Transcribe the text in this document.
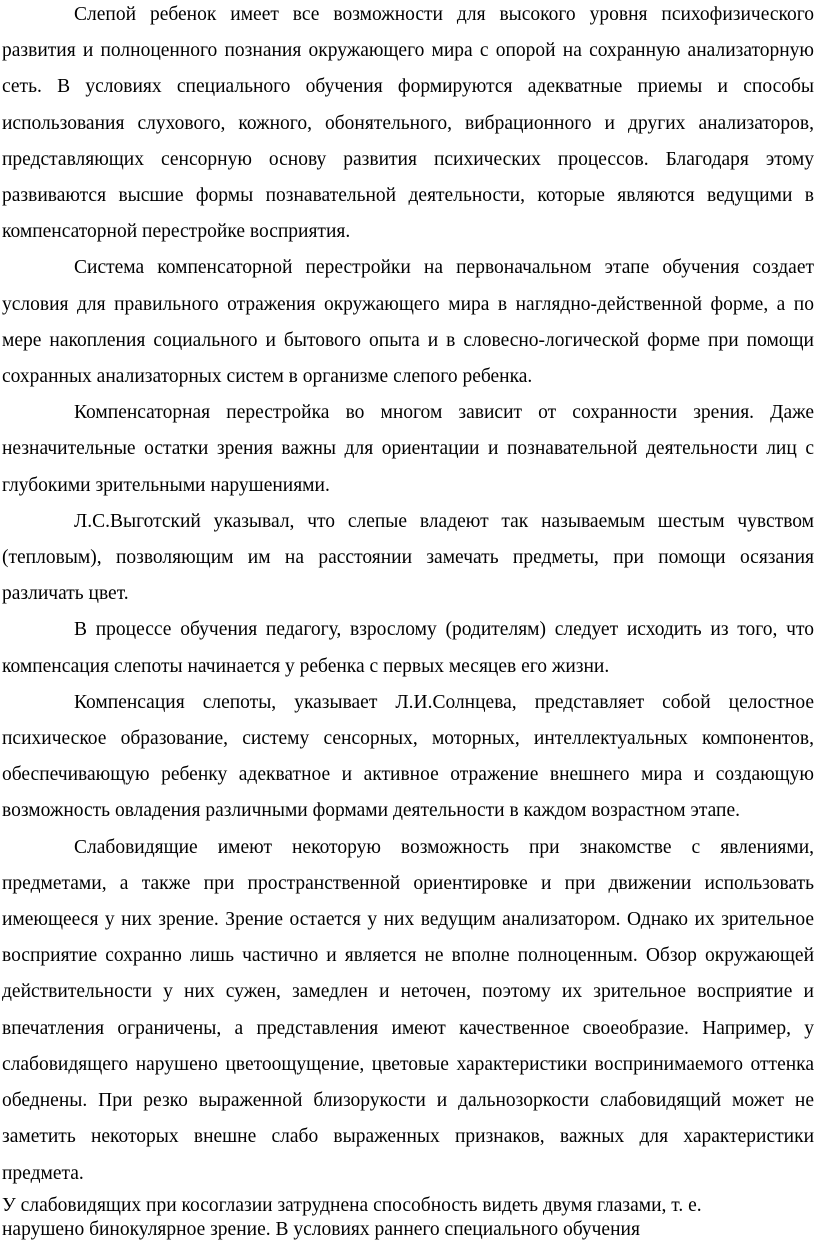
Слепой ребенок имеет все возможности для высокого уровня психофизического развития и полноценного познания окружающего мира с опорой на сохранную анализаторную сеть. В условиях специального обучения формируются адекватные приемы и способы использования слухового, кожного, обонятельного, вибрационного и других анализаторов, представляющих сенсорную основу развития психических процессов. Благодаря этому развиваются высшие формы познавательной деятельности, которые являются ведущими в компенсаторной перестройке восприятия.

Система компенсаторной перестройки на первоначальном этапе обучения создает условия для правильного отражения окружающего мира в наглядно-действенной форме, а по мере накопления социального и бытового опыта и в словесно-логической форме при помощи сохранных анализаторных систем в организме слепого ребенка.

Компенсаторная перестройка во многом зависит от сохранности зрения. Даже незначительные остатки зрения важны для ориентации и познавательной деятельности лиц с глубокими зрительными нарушениями.

Л.С.Выготский указывал, что слепые владеют так называемым шестым чувством (тепловым), позволяющим им на расстоянии замечать предметы, при помощи осязания различать цвет.

В процессе обучения педагогу, взрослому (родителям) следует исходить из того, что компенсация слепоты начинается у ребенка с первых месяцев его жизни.

Компенсация слепоты, указывает Л.И.Солнцева, представляет собой целостное психическое образование, систему сенсорных, моторных, интеллектуальных компонентов, обеспечивающую ребенку адекватное и активное отражение внешнего мира и создающую возможность овладения различными формами деятельности в каждом возрастном этапе.

Слабовидящие имеют некоторую возможность при знакомстве с явлениями, предметами, а также при пространственной ориентировке и при движении использовать имеющееся у них зрение. Зрение остается у них ведущим анализатором. Однако их зрительное восприятие сохранно лишь частично и является не вполне полноценным. Обзор окружающей действительности у них сужен, замедлен и неточен, поэтому их зрительное восприятие и впечатления ограничены, а представления имеют качественное своеобразие. Например, у слабовидящего нарушено цветоощущение, цветовые характеристики воспринимаемого оттенка обеднены. При резко выраженной близорукости и дальнозоркости слабовидящий может не заметить некоторых внешне слабо выраженных признаков, важных для характеристики предмета.

У слабовидящих при косоглазии затруднена способность видеть двумя глазами, т. е.
нарушено бинокулярное зрение. В условиях раннего специального обучения
